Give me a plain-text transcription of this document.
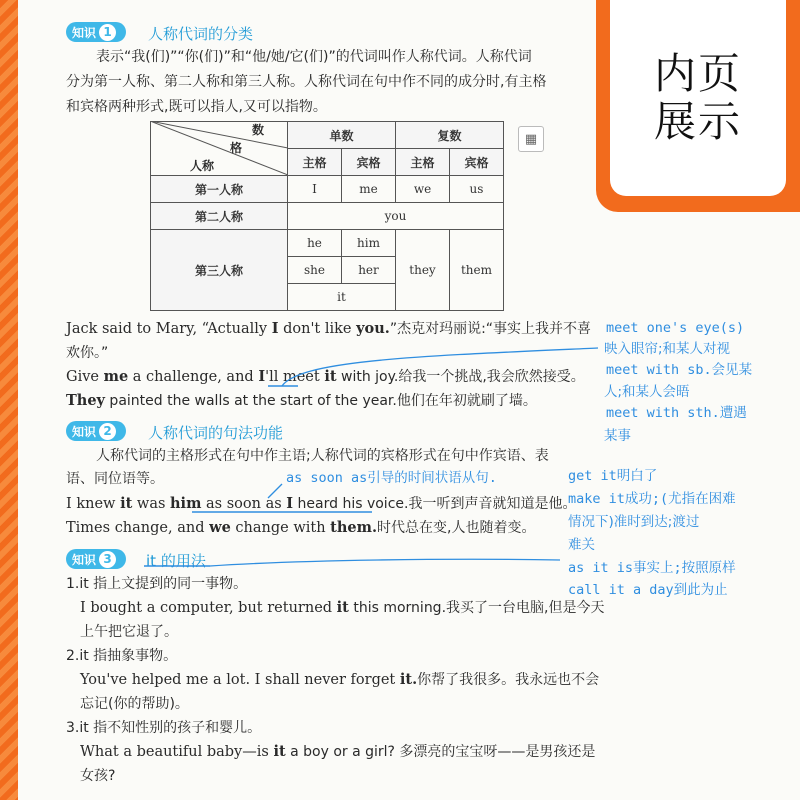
知识 1 人称代词的分类
表示“我(们)”“你(们)”和“他/她/它(们)”的代词叫作人称代词。人称代词
分为第一人称、第二人称和第三人称。人称代词在句中作不同的成分时,有主格
和宾格两种形式,既可以指人,又可以指物。
	单数		复数	
	主格	宾格	主格	宾格
第一人称	I	me	we	us
第二人称	you			
第三人称	he	him	they	them
	she	her		
	it			
数
格
人称
▦
Jack said to Mary, “Actually I don't like you.”杰克对玛丽说:“事实上我并不喜
欢你。”
Give me a challenge, and I'll meet it with joy.给我一个挑战,我会欣然接受。
They painted the walls at the start of the year.他们在年初就刷了墙。
知识 2 人称代词的句法功能
人称代词的主格形式在句中作主语;人称代词的宾格形式在句中作宾语、表
语、同位语等。
I knew it was him as soon as I heard his voice.我一听到声音就知道是他。
Times change, and we change with them.时代总在变,人也随着变。
知识 3 it 的用法
1.it 指上文提到的同一事物。
I bought a computer, but returned it this morning.我买了一台电脑,但是今天
上午把它退了。
2.it 指抽象事物。
You've helped me a lot. I shall never forget it.你帮了我很多。我永远也不会
忘记(你的帮助)。
3.it 指不知性别的孩子和婴儿。
What a beautiful baby—is it a boy or a girl? 多漂亮的宝宝呀——是男孩还是
女孩?
meet one's eye(s)
映入眼帘;和某人对视
meet with sb.会见某
人;和某人会晤
meet with sth.遭遇
某事
as soon as引导的时间状语从句.	get it明白了
make it成功;(尤指在困难
情况下)准时到达;渡过
难关
as it is事实上;按照原样
call it a day到此为止
内页
展示
